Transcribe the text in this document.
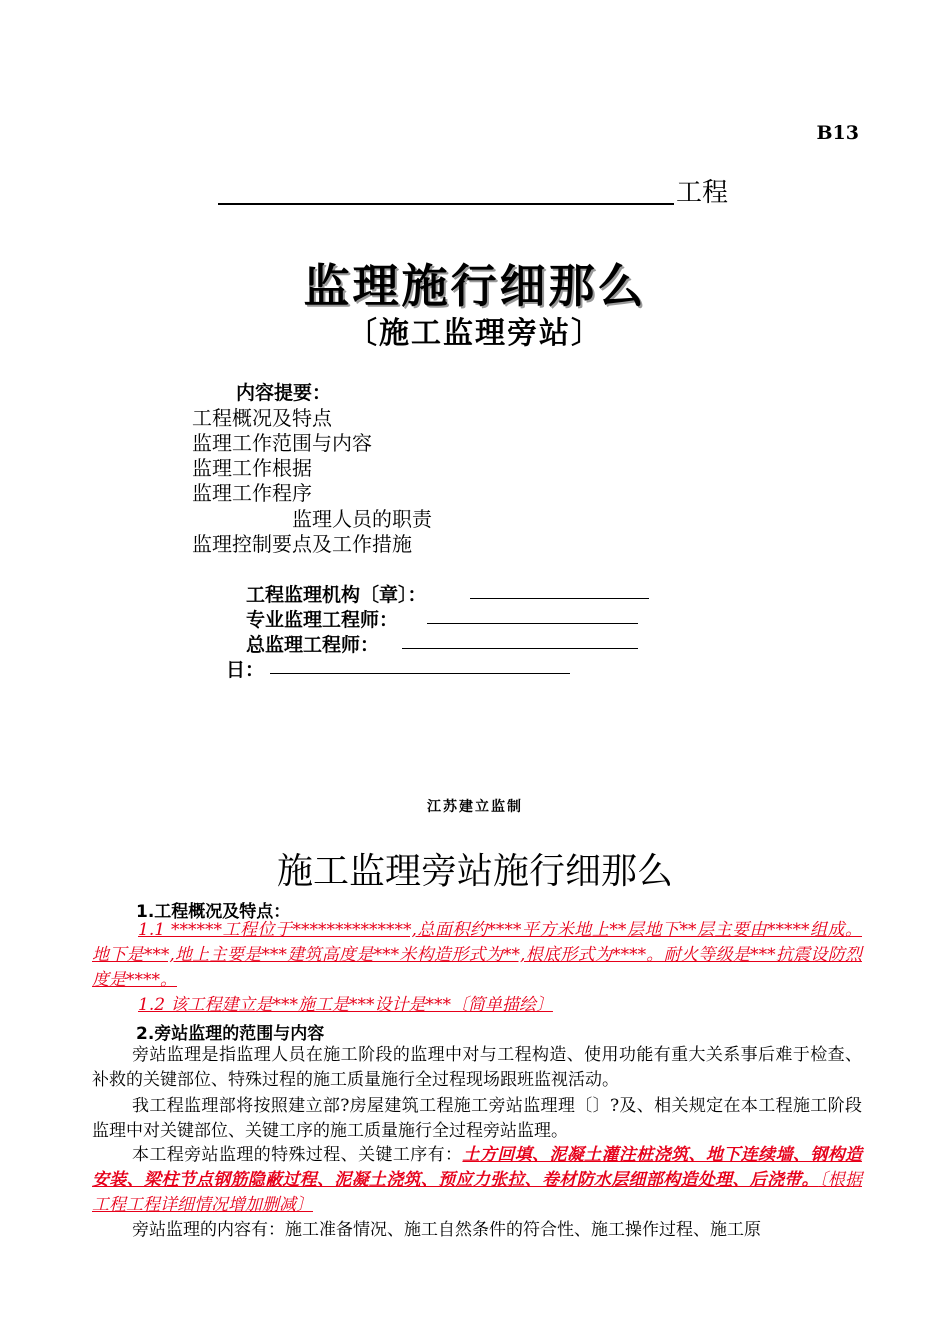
B13
工程
监理施行细那么
〔施工监理旁站〕
内容提要：
工程概况及特点
监理工作范围与内容
监理工作根据
监理工作程序
监理人员的职责
监理控制要点及工作措施
工程监理机构〔章〕：
专业监理工程师：
总监理工程师：
日：
江苏建立监制
施工监理旁站施行细那么
1.工程概况及特点：
1.1 ******工程位于**************,总面积约****平方米地上**层地下**层主要由*****组成。地下是***,地上主要是***建筑高度是***米构造形式为**,根底形式为****。耐火等级是***抗震设防烈度是****。
1.2 该工程建立是***施工是***设计是***〔简单描绘〕
2.旁站监理的范围与内容
旁站监理是指监理人员在施工阶段的监理中对与工程构造、使用功能有重大关系事后难于检查、补救的关键部位、特殊过程的施工质量施行全过程现场跟班监视活动。
我工程监理部将按照建立部?房屋建筑工程施工旁站监理理〔〕?及、相关规定在本工程施工阶段监理中对关键部位、关键工序的施工质量施行全过程旁站监理。
本工程旁站监理的特殊过程、关键工序有：土方回填、泥凝土灌注桩浇筑、地下连续墙、钢构造安装、梁柱节点钢筋隐蔽过程、泥凝土浇筑、预应力张拉、卷材防水层细部构造处理、后浇带。〔根据工程工程详细情况增加删减〕
旁站监理的内容有：施工准备情况、施工自然条件的符合性、施工操作过程、施工原
